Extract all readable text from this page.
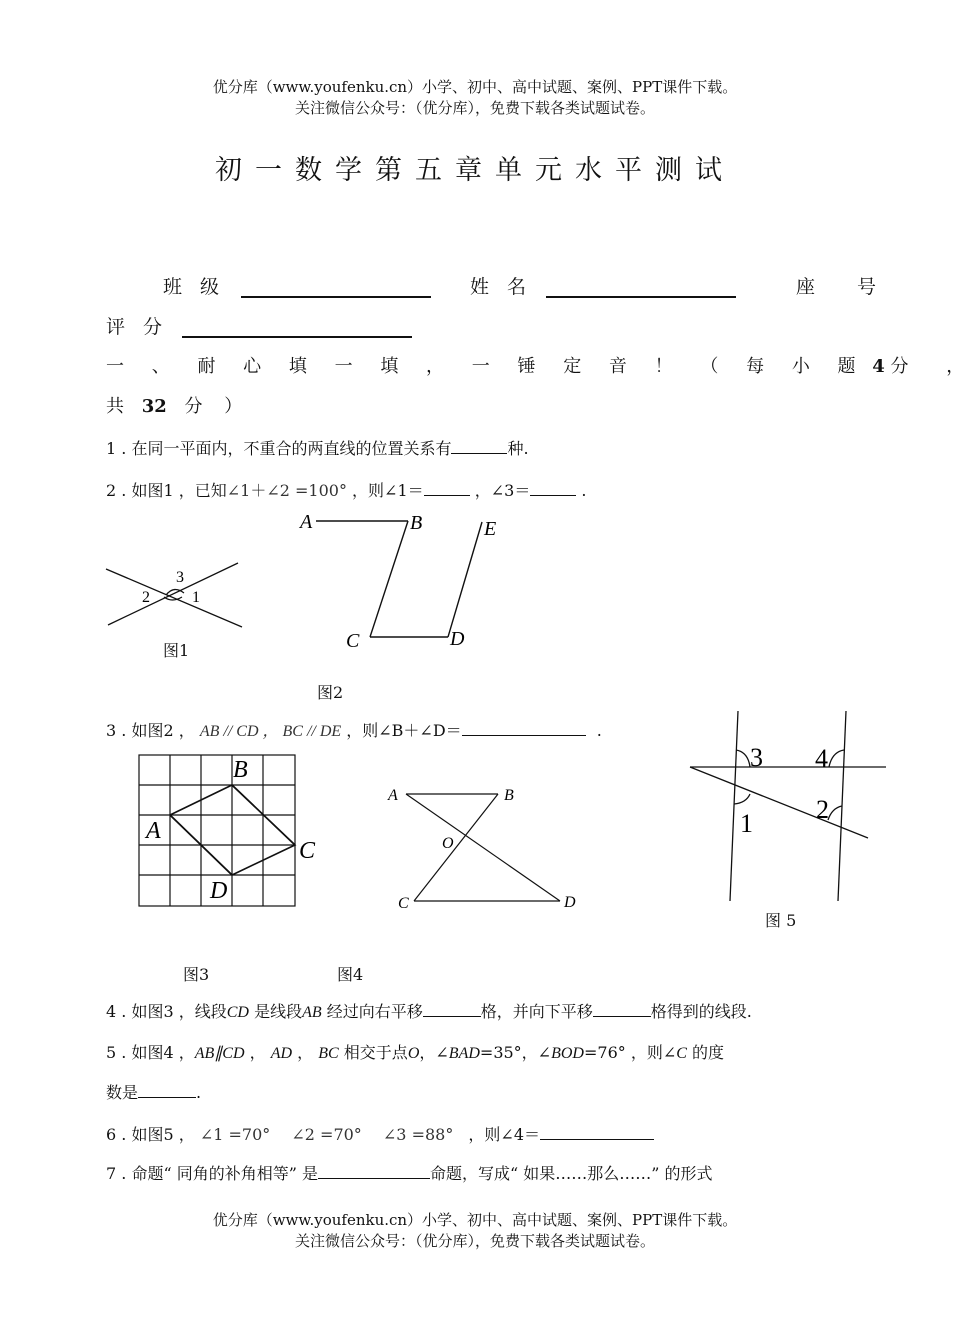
优分库（www.youfenku.cn）小学、初中、高中试题、案例、PPT课件下载。
关注微信公众号：（优分库），免费下载各类试题试卷。
初一数学第五章单元水平测试
班 级	姓 名	座 号
评 分
一 、 耐 心 填 一 填 ， 一 锤 定 音 ！ （ 每 小 题 4 分 ，
共 32 分 ）
1 . 在同一平面内，不重合的两直线的位置关系有	种.
2 . 如图1 ，已知∠1＋∠2 =100° ，则∠1＝	，∠3＝	.
3
2	1
图1
A	B	E
C	D
图2
3 . 如图2 ， AB // CD ， BC // DE ，则∠B＋∠D＝	.
B
A
C
D
图3
A	B
O
C	D
图4
3 4
1 2
图 5
4 . 如图3 ，线段CD 是线段AB 经过向右平移	格，并向下平移	格得到的线段.
5 . 如图4 ，AB∥CD ， AD ， BC 相交于点O，∠BAD=35°，∠BOD=76° ，则∠C 的度
数是	.
6 . 如图5 ， ∠1 =70° ∠2 =70° ∠3 =88° ，则∠4＝
7 . 命题“ 同角的补角相等” 是	命题，写成“ 如果……那么……” 的形式
优分库（www.youfenku.cn）小学、初中、高中试题、案例、PPT课件下载。
关注微信公众号：（优分库），免费下载各类试题试卷。
